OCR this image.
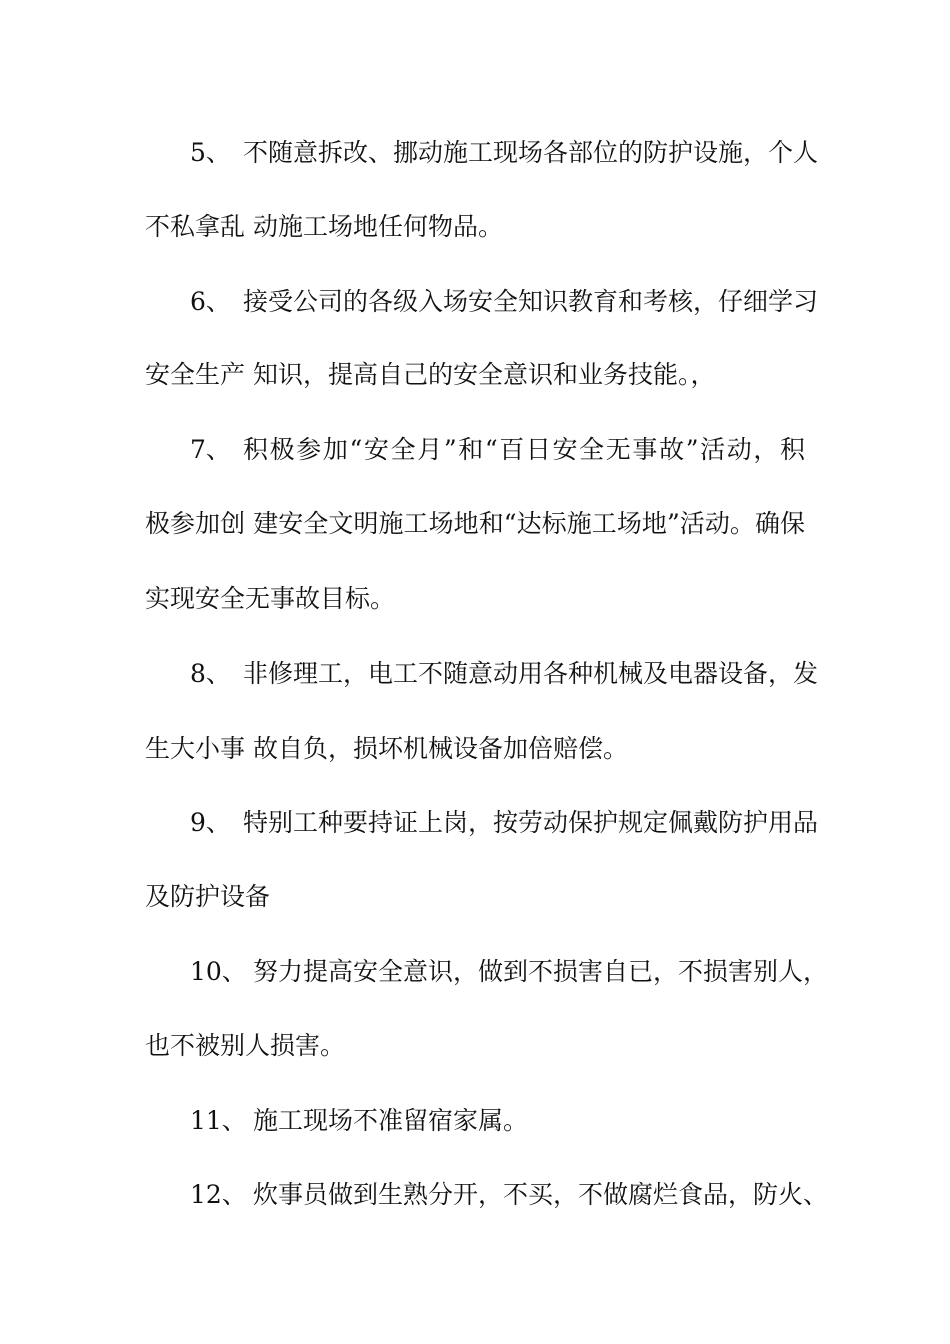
5、 不随意拆改、挪动施工现场各部位的防护设施，个人
不私拿乱 动施工场地任何物品。
6、 接受公司的各级入场安全知识教育和考核，仔细学习
安全生产 知识，提高自己的安全意识和业务技能。，
7、 积极参加“安全月”和“百日安全无事故”活动，积
极参加创 建安全文明施工场地和“达标施工场地”活动。确保
实现安全无事故目标。
8、 非修理工，电工不随意动用各种机械及电器设备，发
生大小事 故自负，损坏机械设备加倍赔偿。
9、 特别工种要持证上岗，按劳动保护规定佩戴防护用品
及防护设备
10、 努力提高安全意识，做到不损害自已，不损害别人，
也不被别人损害。
11、 施工现场不准留宿家属。
12、 炊事员做到生熟分开，不买，不做腐烂食品，防火、
